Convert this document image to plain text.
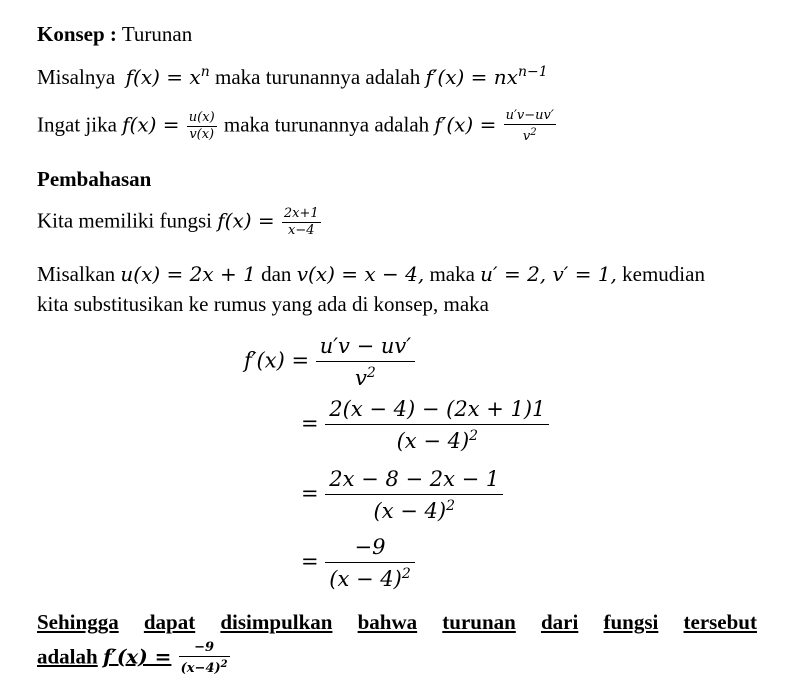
Konsep : Turunan
Misalnya $f(x) = x^n$ maka turunannya adalah $f'(x) = nx^{n-1}$
Ingat jika $f(x) = \frac{u(x)}{v(x)}$ maka turunannya adalah $f'(x) = \frac{u'v-uv'}{v^2}$
Pembahasan
Kita memiliki fungsi $f(x) = \frac{2x+1}{x-4}$
Misalkan u(x) = 2x + 1 dan v(x) = x − 4, maka u′ = 2, v′ = 1, kemudian
kita substitusikan ke rumus yang ada di konsep, maka
$f'(x) = \frac{u'v - uv'}{v^2}$
= $\frac{2(x - 4) - (2x + 1)1}{(x - 4)^2}$
= $\frac{2x - 8 - 2x - 1}{(x - 4)^2}$
= $\frac{-9}{(x - 4)^2}$
Sehingga dapat disimpulkan bahwa turunan dari fungsi tersebut
adalah $f'(x) = \frac{-9}{(x-4)^2}$
